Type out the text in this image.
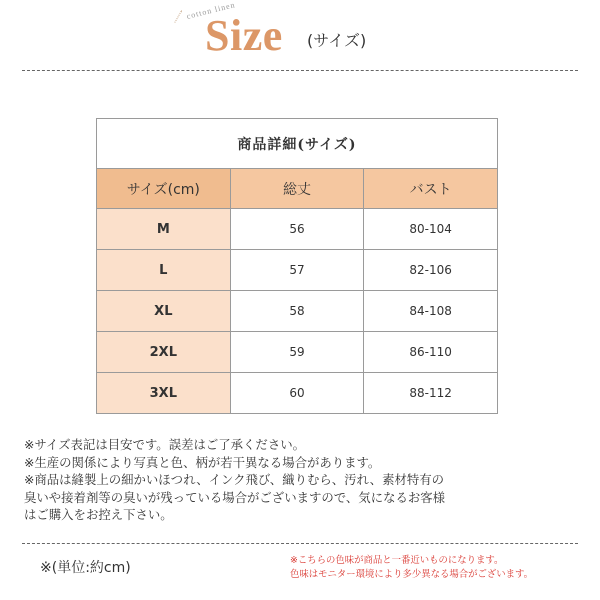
cotton linen
Size (サイズ)
商品詳細(サイズ)		
サイズ(cm)	総丈	バスト
M	56	80-104
L	57	82-106
XL	58	84-108
2XL	59	86-110
3XL	60	88-112
※サイズ表記は目安です。誤差はご了承ください。
※生産の関係により写真と色、柄が若干異なる場合があります。
※商品は縫製上の細かいほつれ、インク飛び、織りむら、汚れ、素材特有の
臭いや接着剤等の臭いが残っている場合がございますので、気になるお客様
はご購入をお控え下さい。
※(単位:約cm)	※こちらの色味が商品と一番近いものになります。
色味はモニター環境により多少異なる場合がございます。
